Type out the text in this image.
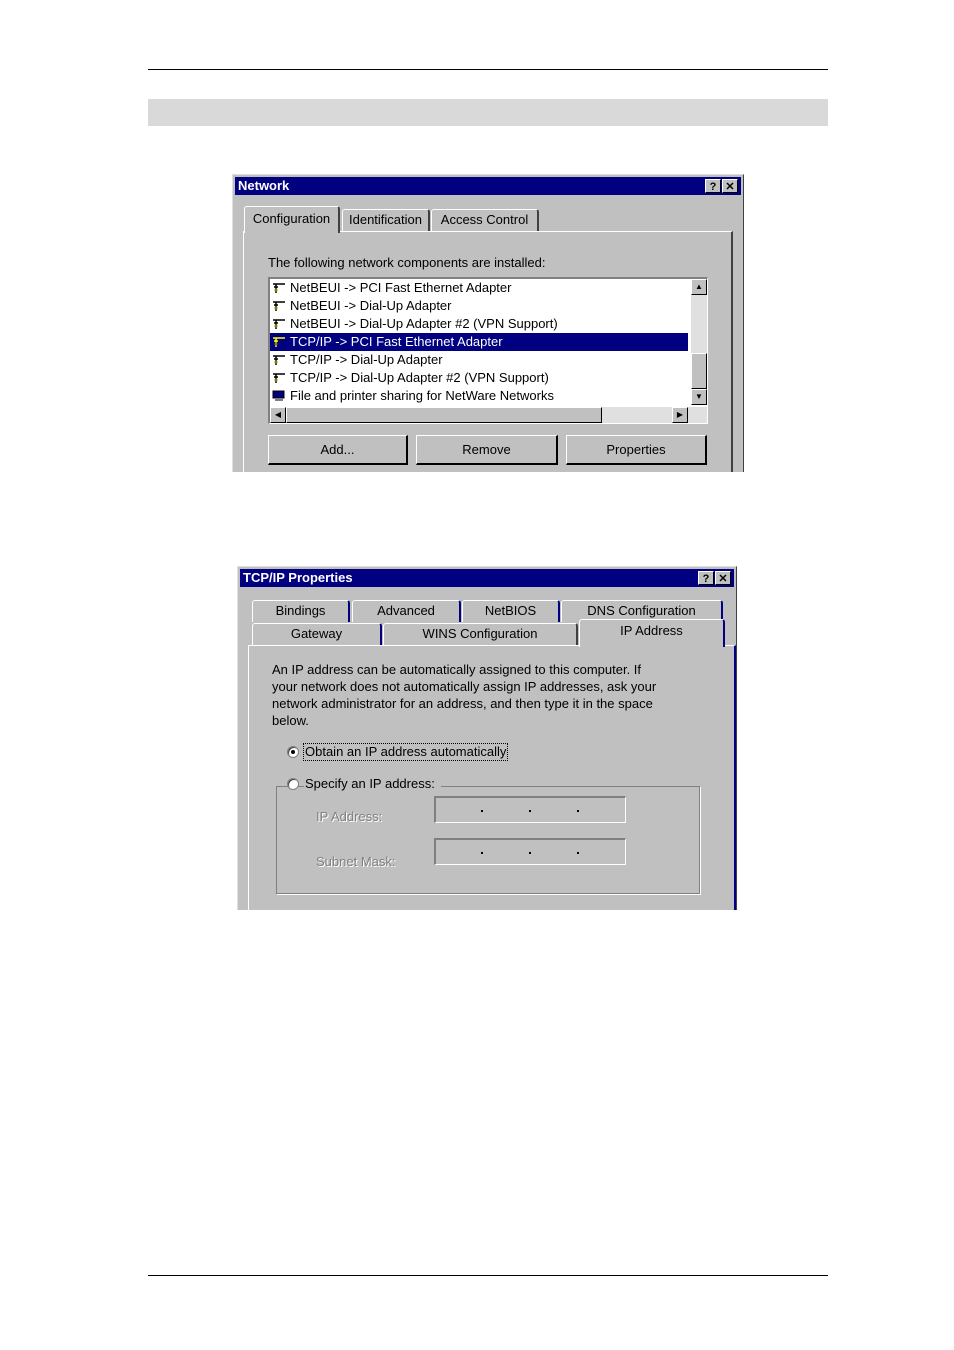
Network	? ✕
Configuration	Identification	Access Control
The following network components are installed:
NetBEUI -> PCI Fast Ethernet Adapter
NetBEUI -> Dial-Up Adapter
NetBEUI -> Dial-Up Adapter #2 (VPN Support)
TCP/IP -> PCI Fast Ethernet Adapter
TCP/IP -> Dial-Up Adapter
TCP/IP -> Dial-Up Adapter #2 (VPN Support)
File and printer sharing for NetWare Networks
▲
▼
◀	▶
Add...	Remove	Properties
TCP/IP Properties	? ✕
Bindings	Advanced	NetBIOS	DNS Configuration
Gateway	WINS Configuration	IP Address
An IP address can be automatically assigned to this computer. If
your network does not automatically assign IP addresses, ask your
network administrator for an address, and then type it in the space
below.
Obtain an IP address automatically
Specify an IP address:
IP Address:
Subnet Mask:
